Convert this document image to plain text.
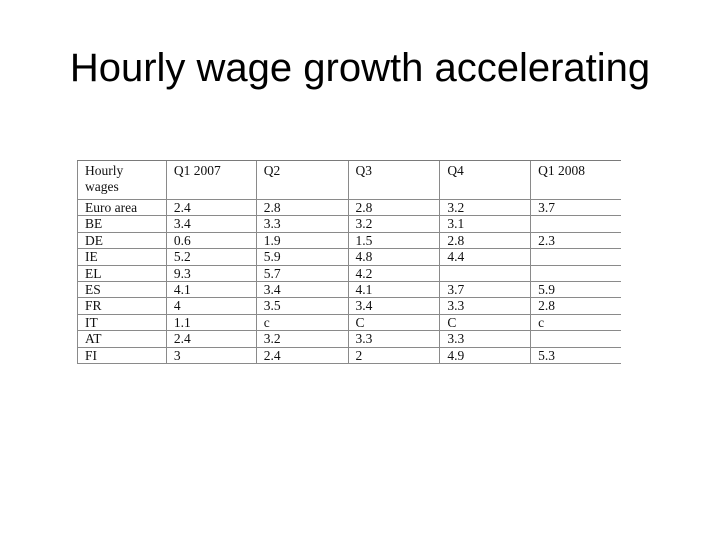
Hourly wage growth accelerating
Hourly
wages	Q1 2007	Q2	Q3	Q4	Q1 2008
Euro area	2.4	2.8	2.8	3.2	3.7
BE	3.4	3.3	3.2	3.1	
DE	0.6	1.9	1.5	2.8	2.3
IE	5.2	5.9	4.8	4.4	
EL	9.3	5.7	4.2		
ES	4.1	3.4	4.1	3.7	5.9
FR	4	3.5	3.4	3.3	2.8
IT	1.1	c	C	C	c
AT	2.4	3.2	3.3	3.3	
FI	3	2.4	2	4.9	5.3
